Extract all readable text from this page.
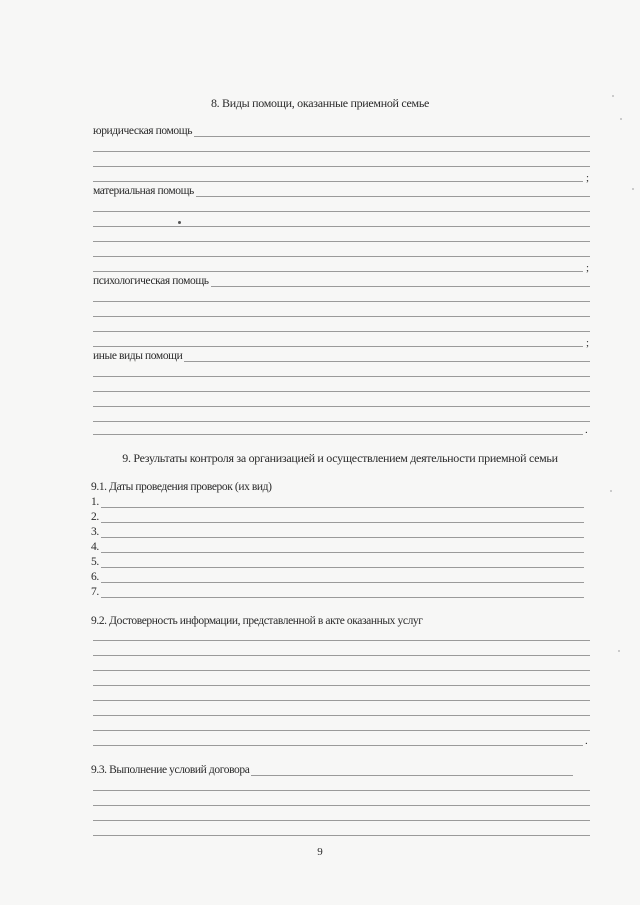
8. Виды помощи, оказанные приемной семье
юридическая помощь
;
материальная помощь
;
психологическая помощь
;
иные виды помощи
.
9. Результаты контроля за организацией и осуществлением деятельности приемной семьи
9.1. Даты проведения проверок (их вид)
1.
2.
3.
4.
5.
6.
7.
9.2. Достоверность информации, представленной в акте оказанных услуг
.
9.3. Выполнение условий договора
9
